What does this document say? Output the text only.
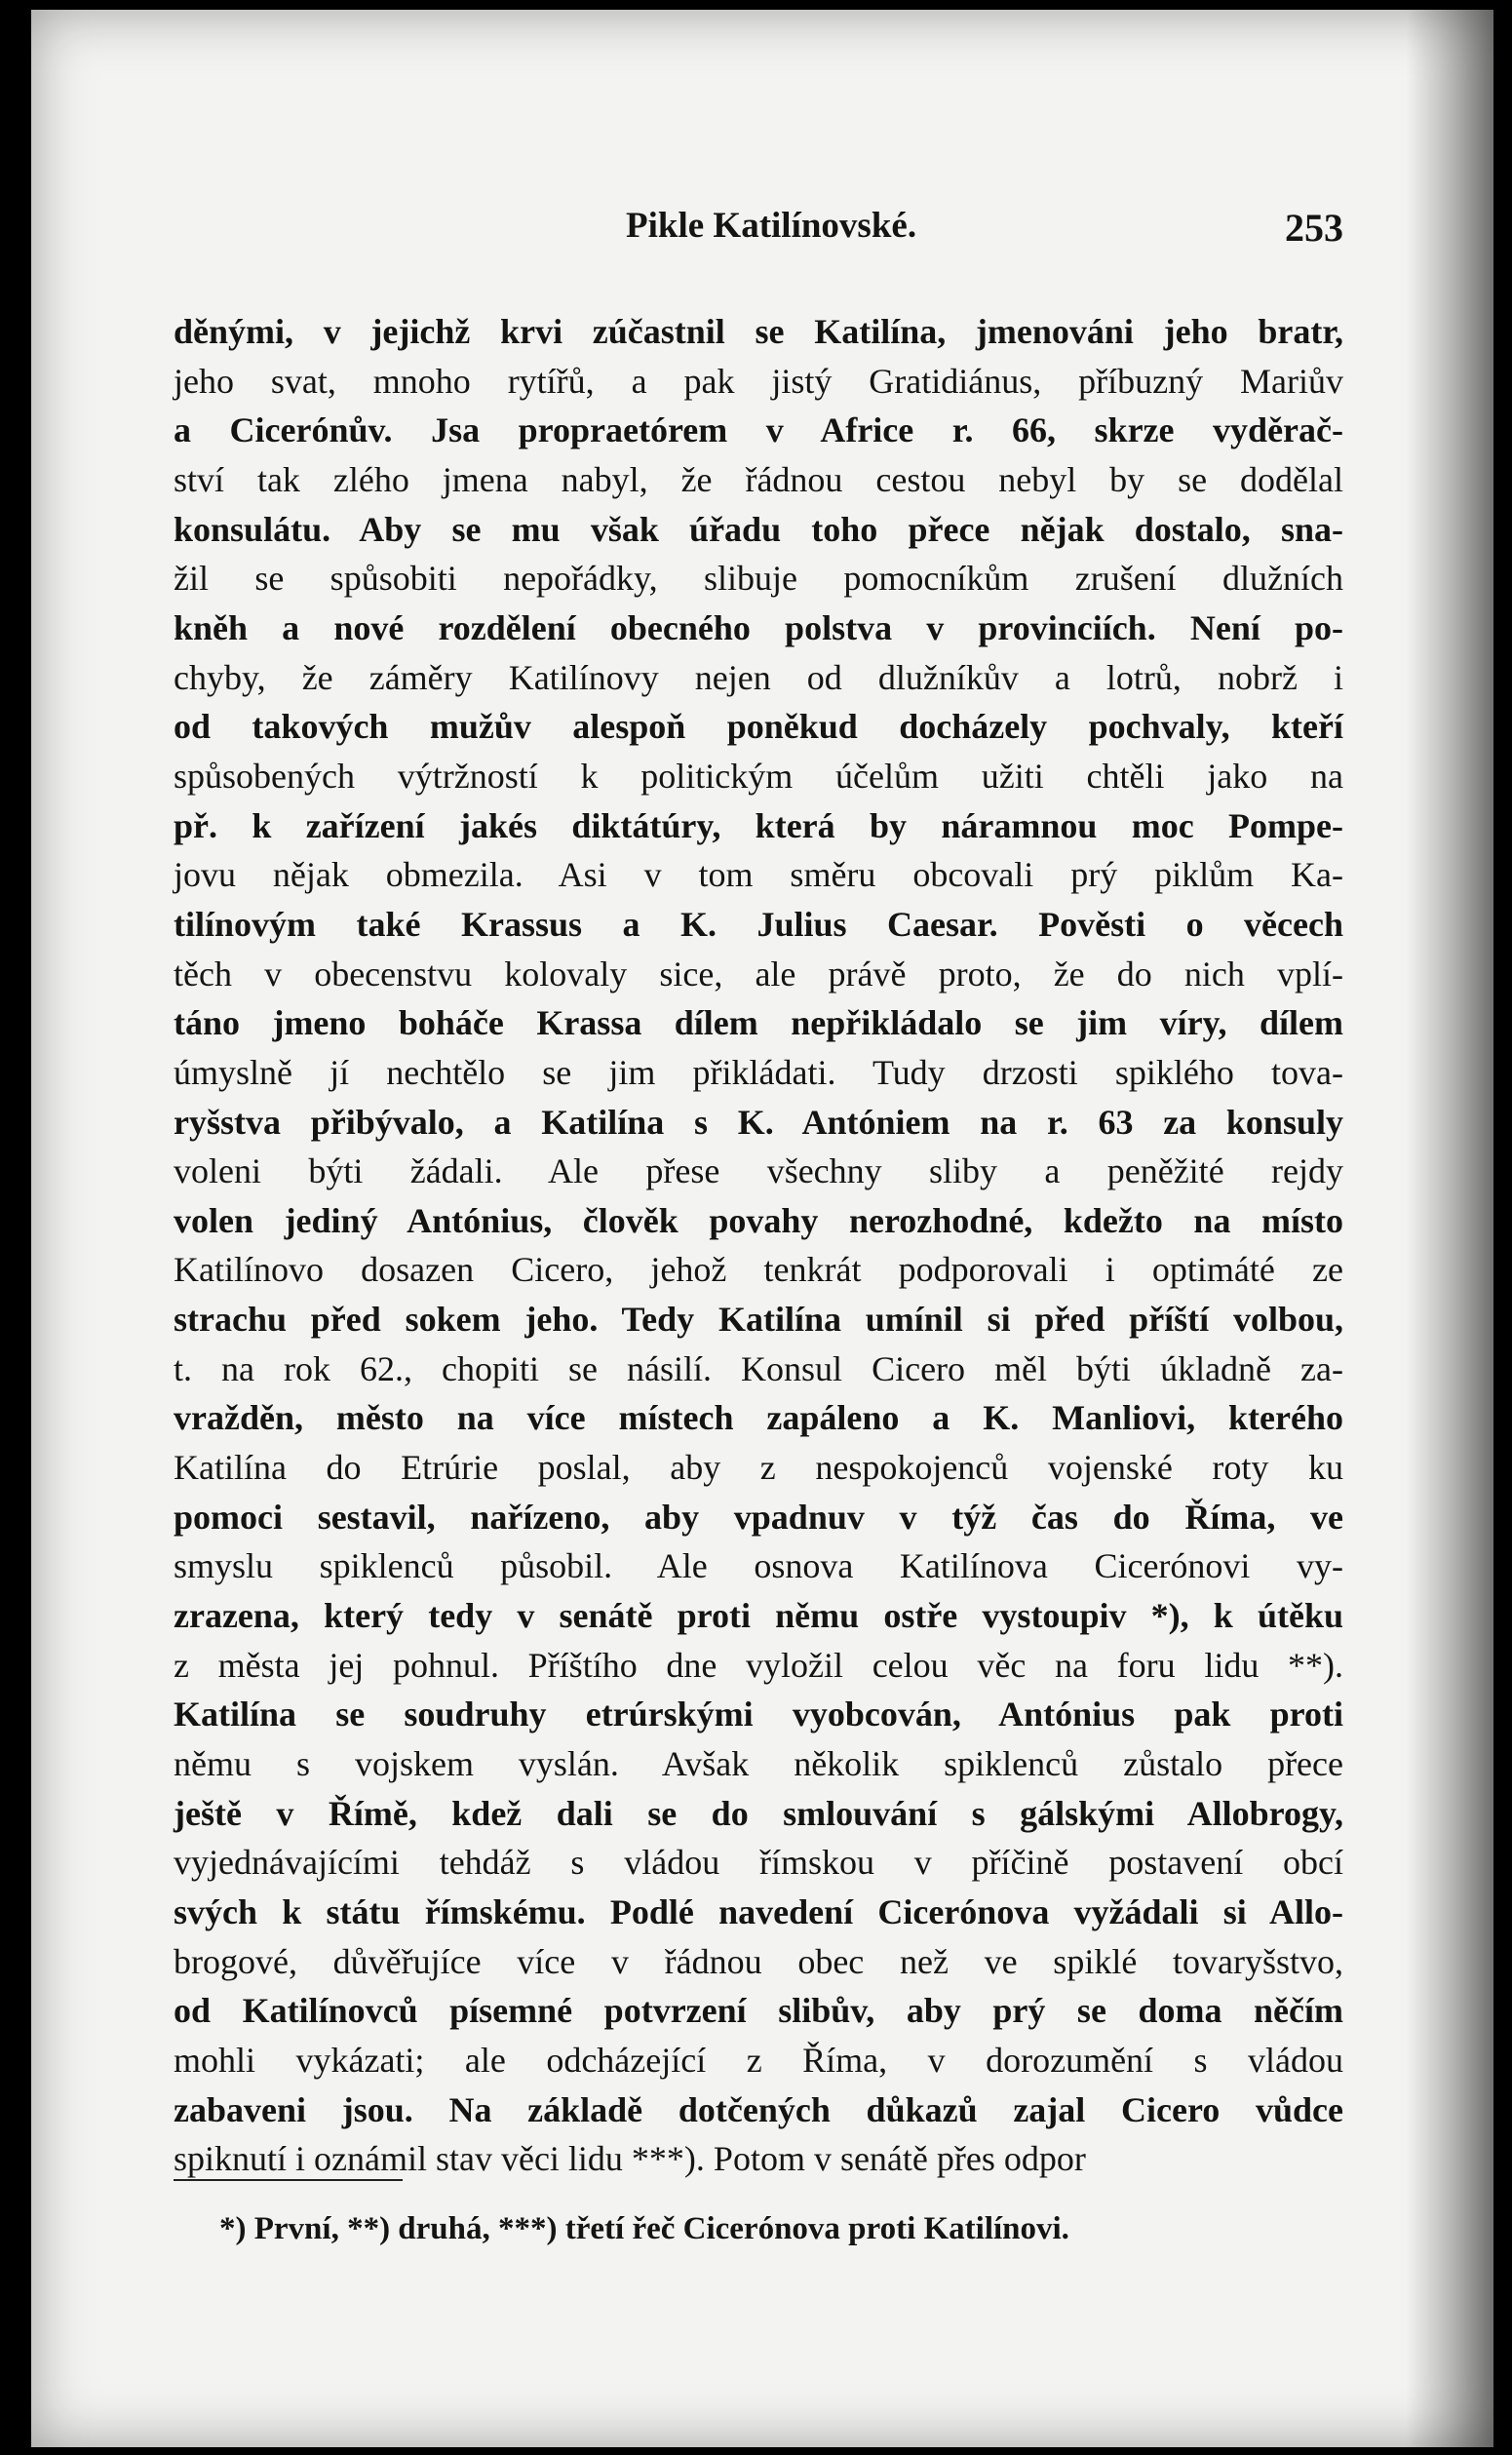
Pikle Katilínovské.	253
děnými, v jejichž krvi zúčastnil se Katilína, jmenováni jeho bratr,
jeho svat, mnoho rytířů, a pak jistý Gratidiánus, příbuzný Mariův
a Cicerónův. Jsa propraetórem v Africe r. 66, skrze vyděrač-
ství tak zlého jmena nabyl, že řádnou cestou nebyl by se dodělal
konsulátu. Aby se mu však úřadu toho přece nějak dostalo, sna-
žil se spůsobiti nepořádky, slibuje pomocníkům zrušení dlužních
kněh a nové rozdělení obecného polstva v provinciích. Není po-
chyby, že záměry Katilínovy nejen od dlužníkův a lotrů, nobrž i
od takových mužův alespoň poněkud docházely pochvaly, kteří
spůsobených výtržností k politickým účelům užiti chtěli jako na
př. k zařízení jakés diktátúry, která by náramnou moc Pompe-
jovu nějak obmezila. Asi v tom směru obcovali prý piklům Ka-
tilínovým také Krassus a K. Julius Caesar. Pověsti o věcech
těch v obecenstvu kolovaly sice, ale právě proto, že do nich vplí-
táno jmeno boháče Krassa dílem nepřikládalo se jim víry, dílem
úmyslně jí nechtělo se jim přikládati. Tudy drzosti spiklého tova-
ryšstva přibývalo, a Katilína s K. Antóniem na r. 63 za konsuly
voleni býti žádali. Ale přese všechny sliby a peněžité rejdy
volen jediný Antónius, člověk povahy nerozhodné, kdežto na místo
Katilínovo dosazen Cicero, jehož tenkrát podporovali i optimáté ze
strachu před sokem jeho. Tedy Katilína umínil si před příští volbou,
t. na rok 62., chopiti se násilí. Konsul Cicero měl býti úkladně za-
vražděn, město na více místech zapáleno a K. Manliovi, kterého
Katilína do Etrúrie poslal, aby z nespokojenců vojenské roty ku
pomoci sestavil, nařízeno, aby vpadnuv v týž čas do Říma, ve
smyslu spiklenců působil. Ale osnova Katilínova Cicerónovi vy-
zrazena, který tedy v senátě proti němu ostře vystoupiv *), k útěku
z města jej pohnul. Příštího dne vyložil celou věc na foru lidu **).
Katilína se soudruhy etrúrskými vyobcován, Antónius pak proti
němu s vojskem vyslán. Avšak několik spiklenců zůstalo přece
ještě v Římě, kdež dali se do smlouvání s gálskými Allobrogy,
vyjednávajícími tehdáž s vládou římskou v příčině postavení obcí
svých k státu římskému. Podlé navedení Cicerónova vyžádali si Allo-
brogové, důvěřujíce více v řádnou obec než ve spiklé tovaryšstvo,
od Katilínovců písemné potvrzení slibův, aby prý se doma něčím
mohli vykázati; ale odcházející z Říma, v dorozumění s vládou
zabaveni jsou. Na základě dotčených důkazů zajal Cicero vůdce
spiknutí i oznámil stav věci lidu ***). Potom v senátě přes odpor
*) První, **) druhá, ***) třetí řeč Cicerónova proti Katilínovi.
